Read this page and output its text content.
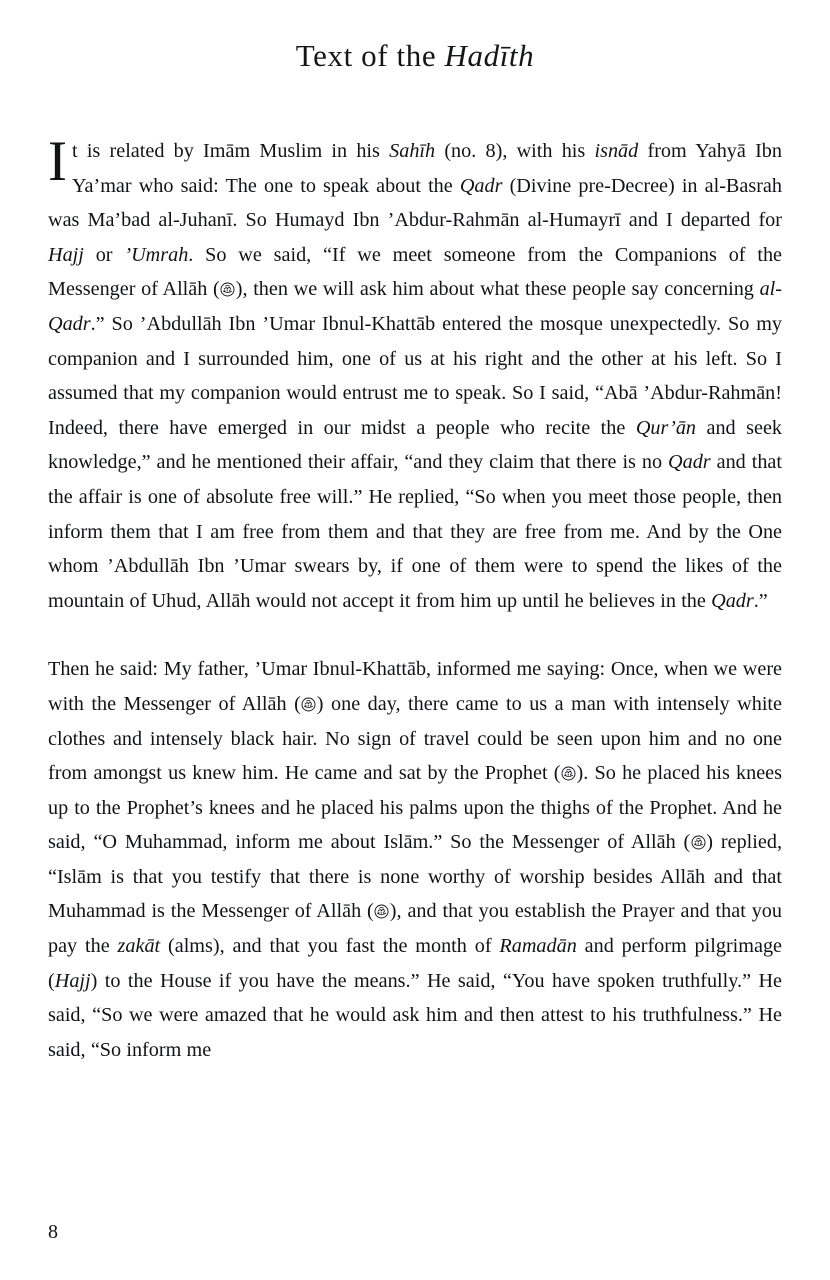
Text of the Hadīth

It is related by Imām Muslim in his Sahīh (no. 8), with his isnād from Yahyā Ibn Ya’mar who said: The one to speak about the Qadr (Divine pre-Decree) in al-Basrah was Ma’bad al-Juhanī. So Humayd Ibn ’Abdur-Rahmān al-Humayrī and I departed for Hajj or ’Umrah. So we said, “If we meet someone from the Companions of the Messenger of Allāh ( ), then we will ask him about what these people say concerning al-Qadr.” So ’Abdullāh Ibn ’Umar Ibnul-Khattāb entered the mosque unexpectedly. So my companion and I surrounded him, one of us at his right and the other at his left. So I assumed that my companion would entrust me to speak. So I said, “Abā ’Abdur-Rahmān! Indeed, there have emerged in our midst a people who recite the Qur’ān and seek knowledge,” and he mentioned their affair, “and they claim that there is no Qadr and that the affair is one of absolute free will.” He replied, “So when you meet those people, then inform them that I am free from them and that they are free from me. And by the One whom ’Abdullāh Ibn ’Umar swears by, if one of them were to spend the likes of the mountain of Uhud, Allāh would not accept it from him up until he believes in the Qadr.”

Then he said: My father, ’Umar Ibnul-Khattāb, informed me saying: Once, when we were with the Messenger of Allāh ( ) one day, there came to us a man with intensely white clothes and intensely black hair. No sign of travel could be seen upon him and no one from amongst us knew him. He came and sat by the Prophet ( ). So he placed his knees up to the Prophet’s knees and he placed his palms upon the thighs of the Prophet. And he said, “O Muhammad, inform me about Islām.” So the Messenger of Allāh ( ) replied, “Islām is that you testify that there is none worthy of worship besides Allāh and that Muhammad is the Messenger of Allāh ( ), and that you establish the Prayer and that you pay the zakāt (alms), and that you fast the month of Ramadān and perform pilgrimage (Hajj) to the House if you have the means.” He said, “You have spoken truthfully.” He said, “So we were amazed that he would ask him and then attest to his truthfulness.” He said, “So inform me

8
